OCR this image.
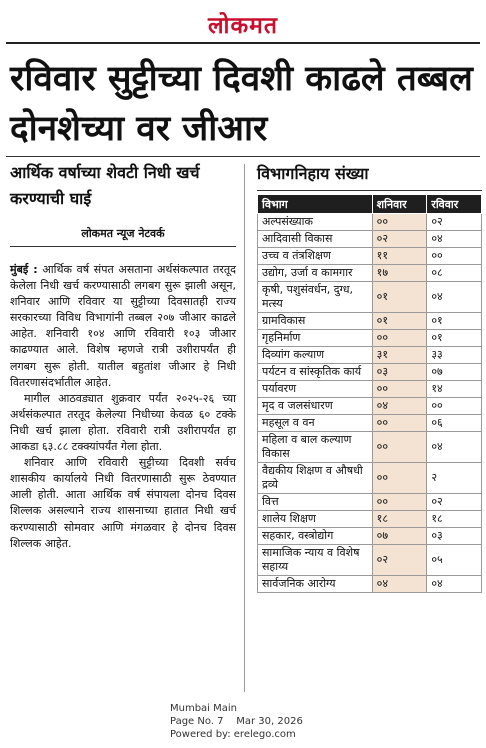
लोकमत
रविवार सुट्टीच्या दिवशी काढले तब्बल दोनशेच्या वर जीआर
आर्थिक वर्षाच्या शेवटी निधी खर्च करण्याची घाई
लोकमत न्यूज नेटवर्क

मुंबई : आर्थिक वर्ष संपत असताना अर्थसंकल्पात तरतूद केलेला निधी खर्च करण्यासाठी लगबग सुरू झाली असून, शनिवार आणि रविवार या सुट्टीच्या दिवसातही राज्य सरकारच्या विविध विभागांनी तब्बल २०७ जीआर काढले आहेत. शनिवारी १०४ आणि रविवारी १०३ जीआर काढण्यात आले. विशेष म्हणजे रात्री उशीरापर्यंत ही लगबग सुरू होती. यातील बहुतांश जीआर हे निधी वितरणासंदर्भातील आहेत.

मागील आठवड्यात शुक्रवार पर्यंत २०२५-२६ च्या अर्थसंकल्पात तरतूद केलेल्या निधीच्या केवळ ६० टक्के निधी खर्च झाला होता. रविवारी रात्री उशीरापर्यंत हा आकडा ६३.८८ टक्क्यांपर्यंत गेला होता.

शनिवार आणि रविवारी सुट्टीच्या दिवशी सर्वच शासकीय कार्यालये निधी वितरणासाठी सुरू ठेवण्यात आली होती. आता आर्थिक वर्ष संपायला दोनच दिवस शिल्लक असल्याने राज्य शासनाच्या हातात निधी खर्च करण्यासाठी सोमवार आणि मंगळवार हे दोनच दिवस शिल्लक आहेत.

विभागनिहाय संख्या
विभाग	शनिवार	रविवार
अल्पसंख्याक	००	०२
आदिवासी विकास	०२	०४
उच्च व तंत्रशिक्षण	११	००
उद्योग, उर्जा व कामगार	१७	०८
कृषी, पशुसंवर्धन, दुग्ध, मत्स्य	०१	०४
ग्रामविकास	०१	०१
गृहनिर्माण	००	०१
दिव्यांग कल्याण	३१	३३
पर्यटन व सांस्कृतिक कार्य	०३	०७
पर्यावरण	००	१४
मृद व जलसंधारण	०४	००
महसूल व वन	००	०६
महिला व बाल कल्याण विकास	००	०४
वैद्यकीय शिक्षण व औषधी द्रव्ये	००	२
वित्त	००	०२
शालेय शिक्षण	१८	१८
सहकार, वस्त्रोद्योग	०७	०३
सामाजिक न्याय व विशेष सहाय्य	०२	०५
सार्वजनिक आरोग्य	०४	०४
Mumbai Main
Page No. 7    Mar 30, 2026
Powered by: erelego.com
